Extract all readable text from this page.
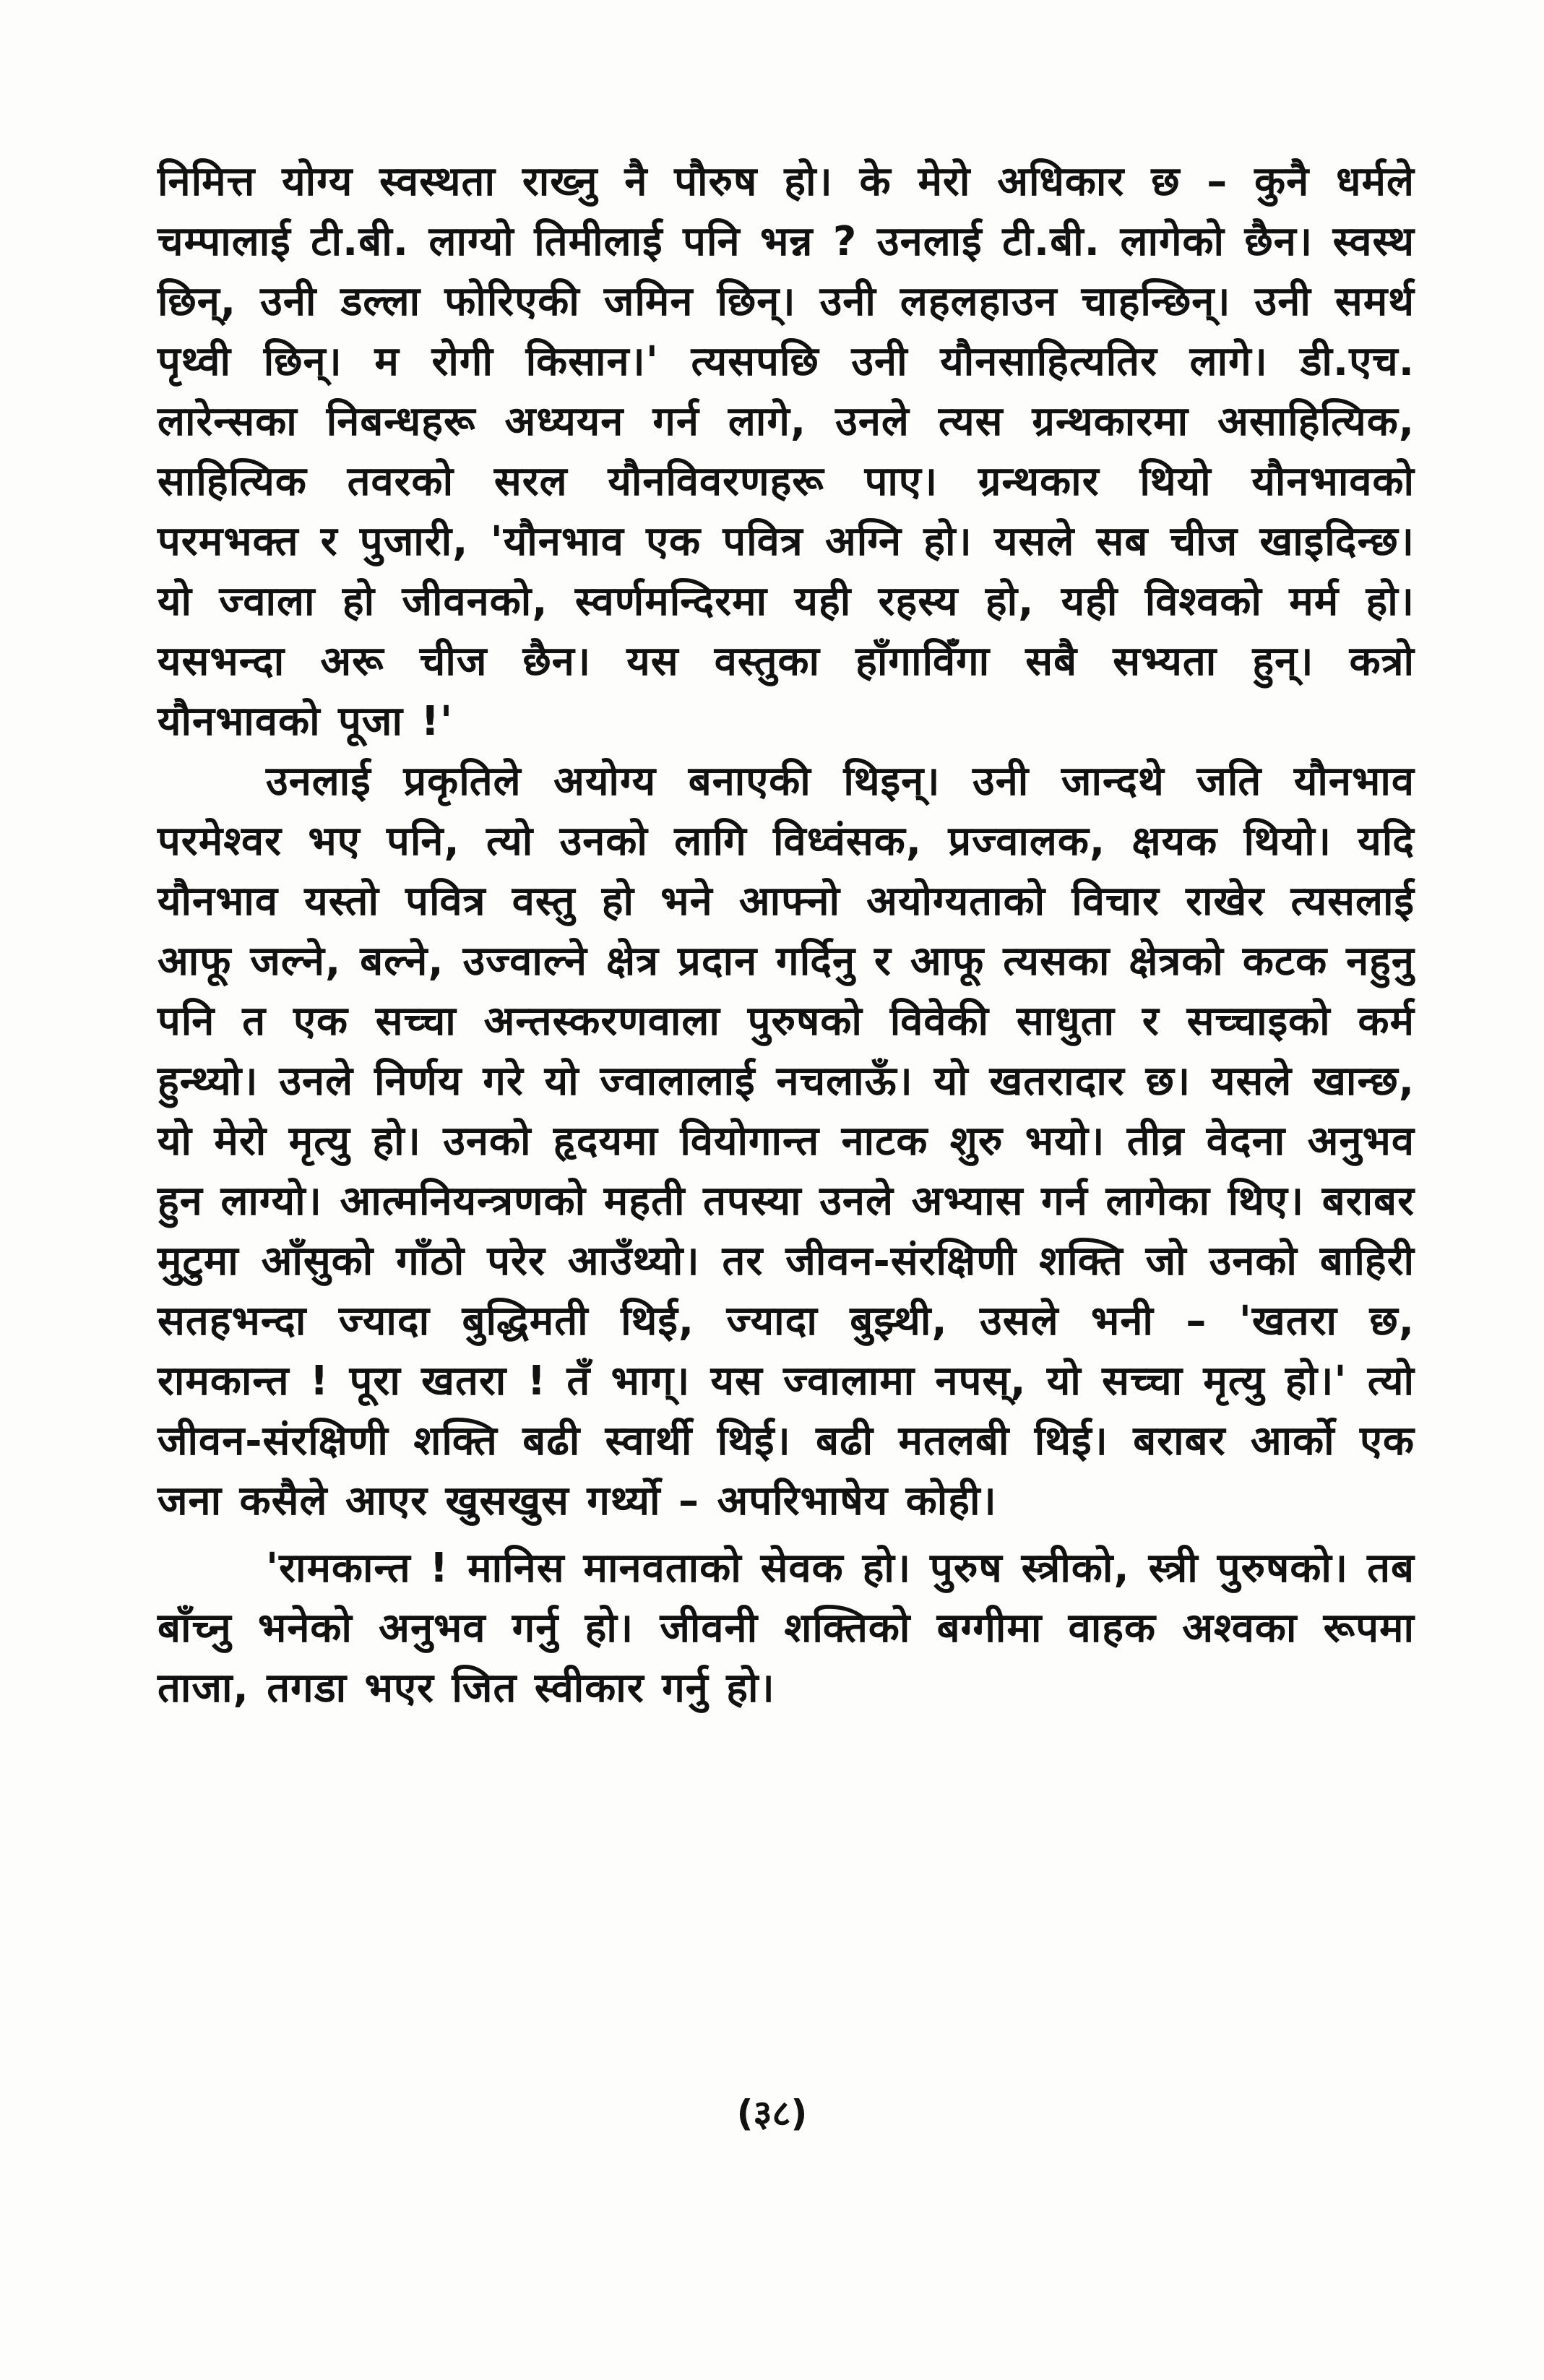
निमित्त योग्य स्वस्थता राख्नु नै पौरुष हो। के मेरो अधिकार छ – कुनै धर्मले चम्पालाई टी.बी. लाग्यो तिमीलाई पनि भन्न ? उनलाई टी.बी. लागेको छैन। स्वस्थ छिन्, उनी डल्ला फोरिएकी जमिन छिन्। उनी लहलहाउन चाहन्छिन्। उनी समर्थ पृथ्वी छिन्। म रोगी किसान।' त्यसपछि उनी यौनसाहित्यतिर लागे। डी.एच. लारेन्सका निबन्धहरू अध्ययन गर्न लागे, उनले त्यस ग्रन्थकारमा असाहित्यिक, साहित्यिक तवरको सरल यौनविवरणहरू पाए। ग्रन्थकार थियो यौनभावको परमभक्त र पुजारी, 'यौनभाव एक पवित्र अग्नि हो। यसले सब चीज खाइदिन्छ। यो ज्वाला हो जीवनको, स्वर्णमन्दिरमा यही रहस्य हो, यही विश्वको मर्म हो। यसभन्दा अरू चीज छैन। यस वस्तुका हाँगाविँगा सबै सभ्यता हुन्। कत्रो यौनभावको पूजा !'

उनलाई प्रकृतिले अयोग्य बनाएकी थिइन्। उनी जान्दथे जति यौनभाव परमेश्वर भए पनि, त्यो उनको लागि विध्वंसक, प्रज्वालक, क्षयक थियो। यदि यौनभाव यस्तो पवित्र वस्तु हो भने आफ्नो अयोग्यताको विचार राखेर त्यसलाई आफू जल्ने, बल्ने, उज्वाल्ने क्षेत्र प्रदान गर्दिनु र आफू त्यसका क्षेत्रको कटक नहुनु पनि त एक सच्चा अन्तस्करणवाला पुरुषको विवेकी साधुता र सच्चाइको कर्म हुन्थ्यो। उनले निर्णय गरे यो ज्वालालाई नचलाऊँ। यो खतरादार छ। यसले खान्छ, यो मेरो मृत्यु हो। उनको हृदयमा वियोगान्त नाटक शुरु भयो। तीव्र वेदना अनुभव हुन लाग्यो। आत्मनियन्त्रणको महती तपस्या उनले अभ्यास गर्न लागेका थिए। बराबर मुटुमा आँसुको गाँठो परेर आउँथ्यो। तर जीवन-संरक्षिणी शक्ति जो उनको बाहिरी सतहभन्दा ज्यादा बुद्धिमती थिई, ज्यादा बुझ्थी, उसले भनी – 'खतरा छ, रामकान्त ! पूरा खतरा ! तँ भाग्। यस ज्वालामा नपस्, यो सच्चा मृत्यु हो।' त्यो जीवन-संरक्षिणी शक्ति बढी स्वार्थी थिई। बढी मतलबी थिई। बराबर आर्को एक जना कसैले आएर खुसखुस गर्थ्यो – अपरिभाषेय कोही।

'रामकान्त ! मानिस मानवताको सेवक हो। पुरुष स्त्रीको, स्त्री पुरुषको। तब बाँच्नु भनेको अनुभव गर्नु हो। जीवनी शक्तिको बग्गीमा वाहक अश्वका रूपमा ताजा, तगडा भएर जित स्वीकार गर्नु हो।

(३८)
